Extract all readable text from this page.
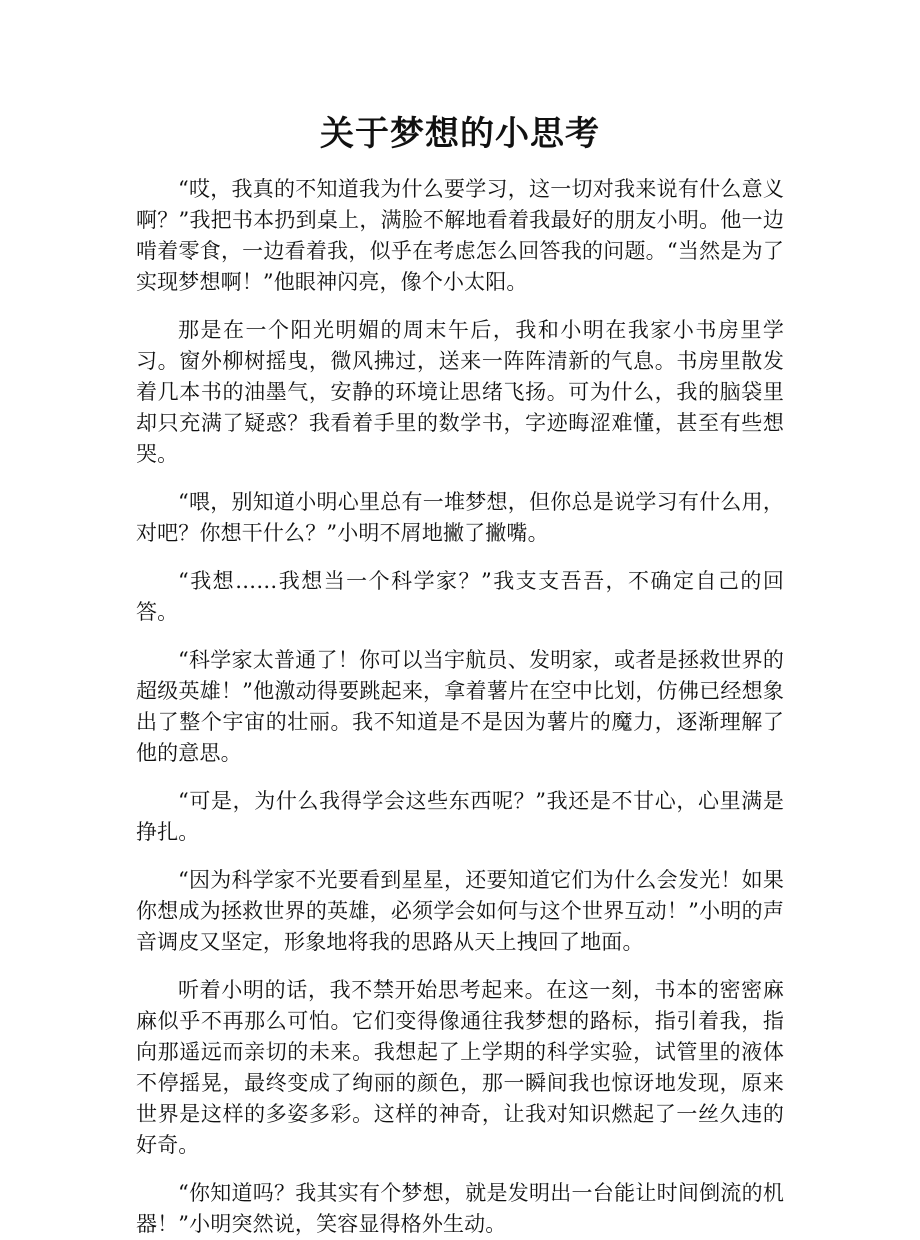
关于梦想的小思考

“哎，我真的不知道我为什么要学习，这一切对我来说有什么意义啊？”我把书本扔到桌上，满脸不解地看着我最好的朋友小明。他一边啃着零食，一边看着我，似乎在考虑怎么回答我的问题。“当然是为了实现梦想啊！”他眼神闪亮，像个小太阳。

那是在一个阳光明媚的周末午后，我和小明在我家小书房里学习。窗外柳树摇曳，微风拂过，送来一阵阵清新的气息。书房里散发着几本书的油墨气，安静的环境让思绪飞扬。可为什么，我的脑袋里却只充满了疑惑？我看着手里的数学书，字迹晦涩难懂，甚至有些想哭。

“喂，别知道小明心里总有一堆梦想，但你总是说学习有什么用，对吧？你想干什么？”小明不屑地撇了撇嘴。

“我想……我想当一个科学家？”我支支吾吾，不确定自己的回答。

“科学家太普通了！你可以当宇航员、发明家，或者是拯救世界的超级英雄！”他激动得要跳起来，拿着薯片在空中比划，仿佛已经想象出了整个宇宙的壮丽。我不知道是不是因为薯片的魔力，逐渐理解了他的意思。

“可是，为什么我得学会这些东西呢？”我还是不甘心，心里满是挣扎。

“因为科学家不光要看到星星，还要知道它们为什么会发光！如果你想成为拯救世界的英雄，必须学会如何与这个世界互动！”小明的声音调皮又坚定，形象地将我的思路从天上拽回了地面。

听着小明的话，我不禁开始思考起来。在这一刻，书本的密密麻麻似乎不再那么可怕。它们变得像通往我梦想的路标，指引着我，指向那遥远而亲切的未来。我想起了上学期的科学实验，试管里的液体不停摇晃，最终变成了绚丽的颜色，那一瞬间我也惊讶地发现，原来世界是这样的多姿多彩。这样的神奇，让我对知识燃起了一丝久违的好奇。

“你知道吗？我其实有个梦想，就是发明出一台能让时间倒流的机器！”小明突然说，笑容显得格外生动。
